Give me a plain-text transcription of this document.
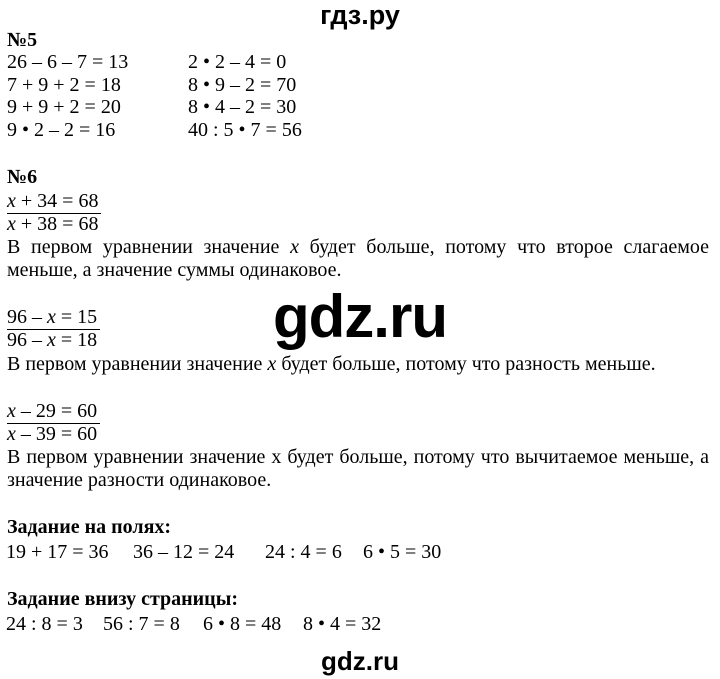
гдз.ру
№5
26 – 6 – 7 = 13	2 • 2 – 4 = 0
7 + 9 + 2 = 18	8 • 9 – 2 = 70
9 + 9 + 2 = 20	8 • 4 – 2 = 30
9 • 2 – 2 = 16	40 : 5 • 7 = 56
№6
x + 34 = 68
x + 38 = 68
В первом уравнении значение x будет больше, потому что второе слагаемое меньше, а значение суммы одинаковое.
gdz.ru
96 – x = 15
96 – x = 18
В первом уравнении значение x будет больше, потому что разность меньше.
x – 29 = 60
x – 39 = 60
В первом уравнении значение х будет больше, потому что вычитаемое меньше, а значение разности одинаковое.
Задание на полях:
19 + 17 = 36 36 – 12 = 24 24 : 4 = 6 6 • 5 = 30
Задание внизу страницы:
24 : 8 = 3 56 : 7 = 8 6 • 8 = 48 8 • 4 = 32
gdz.ru
